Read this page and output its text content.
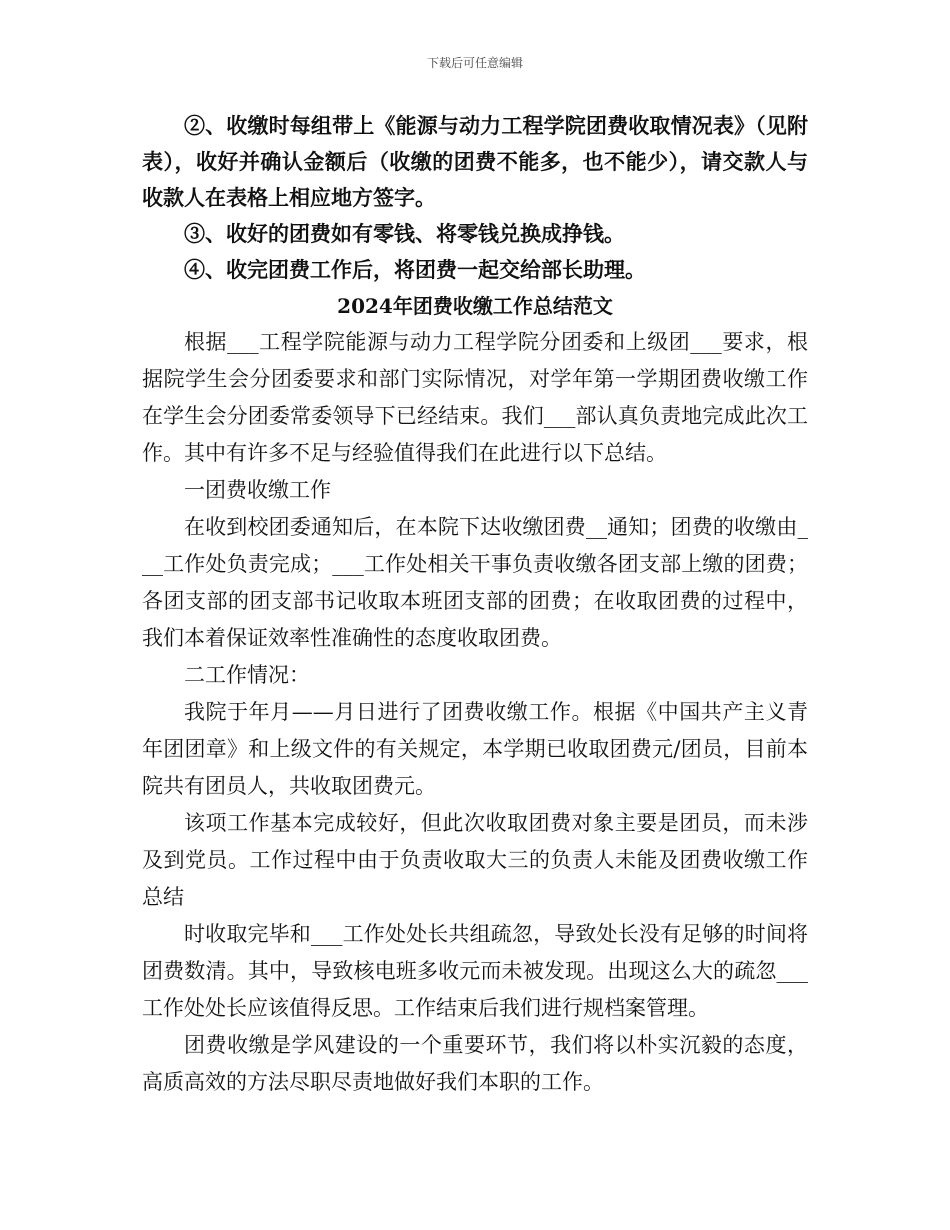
下载后可任意编辑

②、收缴时每组带上《能源与动力工程学院团费收取情况表》（见附表），收好并确认金额后（收缴的团费不能多，也不能少），请交款人与收款人在表格上相应地方签字。

③、收好的团费如有零钱、将零钱兑换成挣钱。

④、收完团费工作后，将团费一起交给部长助理。

2024年团费收缴工作总结范文

根据___工程学院能源与动力工程学院分团委和上级团___要求，根据院学生会分团委要求和部门实际情况，对学年第一学期团费收缴工作在学生会分团委常委领导下已经结束。我们___部认真负责地完成此次工作。其中有许多不足与经验值得我们在此进行以下总结。

一团费收缴工作

在收到校团委通知后，在本院下达收缴团费__通知；团费的收缴由___工作处负责完成；___工作处相关干事负责收缴各团支部上缴的团费；各团支部的团支部书记收取本班团支部的团费；在收取团费的过程中，我们本着保证效率性准确性的态度收取团费。

二工作情况：

我院于年月——月日进行了团费收缴工作。根据《中国共产主义青年团团章》和上级文件的有关规定，本学期已收取团费元/团员，目前本院共有团员人，共收取团费元。

该项工作基本完成较好，但此次收取团费对象主要是团员，而未涉及到党员。工作过程中由于负责收取大三的负责人未能及团费收缴工作总结

时收取完毕和___工作处处长共组疏忽，导致处长没有足够的时间将团费数清。其中，导致核电班多收元而未被发现。出现这么大的疏忽___工作处处长应该值得反思。工作结束后我们进行规档案管理。

团费收缴是学风建设的一个重要环节，我们将以朴实沉毅的态度，高质高效的方法尽职尽责地做好我们本职的工作。
